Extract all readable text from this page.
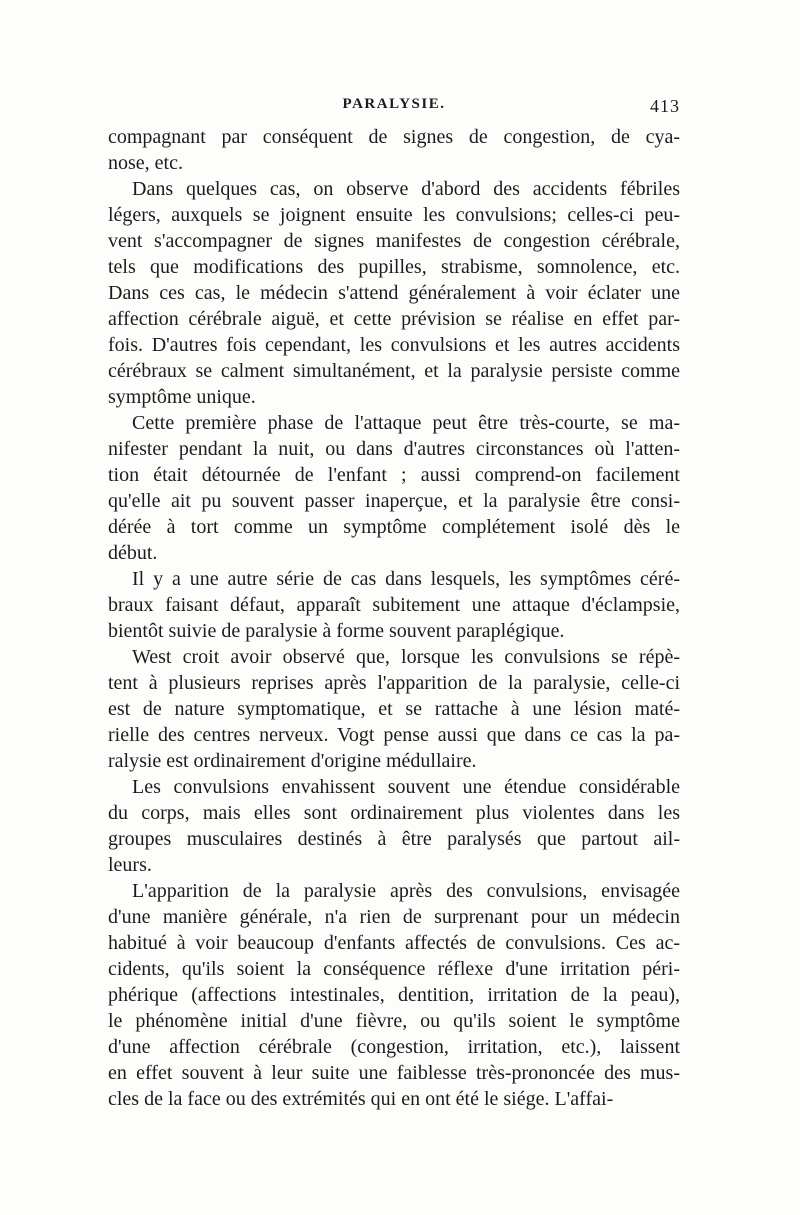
PARALYSIE.	413
compagnant par conséquent de signes de congestion, de cya-
nose, etc.
Dans quelques cas, on observe d'abord des accidents fébriles
légers, auxquels se joignent ensuite les convulsions; celles-ci peu-
vent s'accompagner de signes manifestes de congestion cérébrale,
tels que modifications des pupilles, strabisme, somnolence, etc.
Dans ces cas, le médecin s'attend généralement à voir éclater une
affection cérébrale aiguë, et cette prévision se réalise en effet par-
fois. D'autres fois cependant, les convulsions et les autres accidents
cérébraux se calment simultanément, et la paralysie persiste comme
symptôme unique.
Cette première phase de l'attaque peut être très-courte, se ma-
nifester pendant la nuit, ou dans d'autres circonstances où l'atten-
tion était détournée de l'enfant ; aussi comprend-on facilement
qu'elle ait pu souvent passer inaperçue, et la paralysie être consi-
dérée à tort comme un symptôme complétement isolé dès le
début.
Il y a une autre série de cas dans lesquels, les symptômes céré-
braux faisant défaut, apparaît subitement une attaque d'éclampsie,
bientôt suivie de paralysie à forme souvent paraplégique.
West croit avoir observé que, lorsque les convulsions se répè-
tent à plusieurs reprises après l'apparition de la paralysie, celle-ci
est de nature symptomatique, et se rattache à une lésion maté-
rielle des centres nerveux. Vogt pense aussi que dans ce cas la pa-
ralysie est ordinairement d'origine médullaire.
Les convulsions envahissent souvent une étendue considérable
du corps, mais elles sont ordinairement plus violentes dans les
groupes musculaires destinés à être paralysés que partout ail-
leurs.
L'apparition de la paralysie après des convulsions, envisagée
d'une manière générale, n'a rien de surprenant pour un médecin
habitué à voir beaucoup d'enfants affectés de convulsions. Ces ac-
cidents, qu'ils soient la conséquence réflexe d'une irritation péri-
phérique (affections intestinales, dentition, irritation de la peau),
le phénomène initial d'une fièvre, ou qu'ils soient le symptôme
d'une affection cérébrale (congestion, irritation, etc.), laissent
en effet souvent à leur suite une faiblesse très-prononcée des mus-
cles de la face ou des extrémités qui en ont été le siége. L'affai-
